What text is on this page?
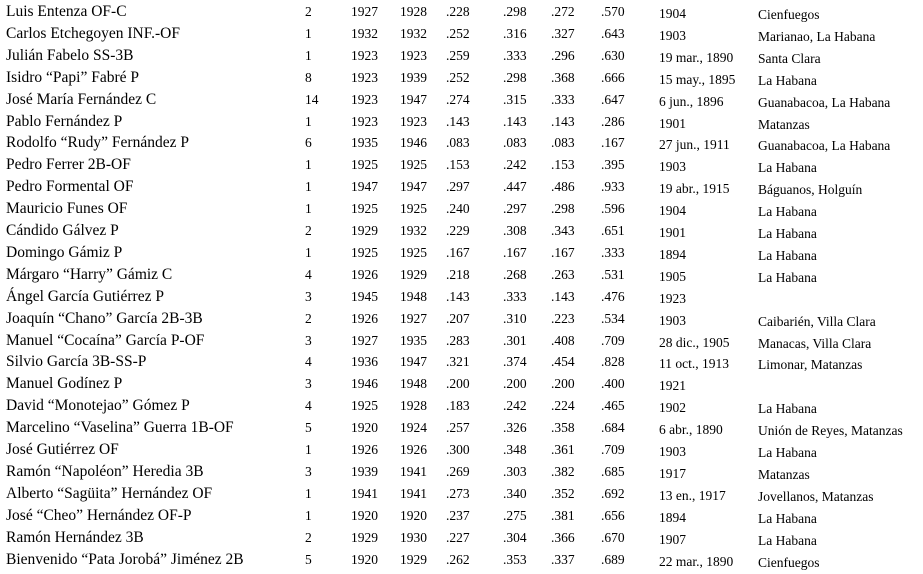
Luis Entenza OF-C	2	1927 1928 .228 .298 .272 .570	1904	Cienfuegos
Carlos Etchegoyen INF.-OF	1	1932 1932 .252 .316 .327 .643	1903	Marianao, La Habana
Julián Fabelo SS-3B	1	1923 1923 .259 .333 .296 .630	19 mar., 1890 Santa Clara
Isidro “Papi” Fabré P	8	1923 1939 .252 .298 .368 .666	15 may., 1895 La Habana
José María Fernández C	14 1923 1947 .274 .315 .333 .647	6 jun., 1896	Guanabacoa, La Habana
Pablo Fernández P	1	1923 1923 .143 .143 .143 .286	1901	Matanzas
Rodolfo “Rudy” Fernández P	6	1935 1946 .083 .083 .083 .167	27 jun., 1911 Guanabacoa, La Habana
Pedro Ferrer 2B-OF	1	1925 1925 .153 .242 .153 .395	1903	La Habana
Pedro Formental OF	1	1947 1947 .297 .447 .486 .933	19 abr., 1915 Báguanos, Holguín
Mauricio Funes OF	1	1925 1925 .240 .297 .298 .596	1904	La Habana
Cándido Gálvez P	2	1929 1932 .229 .308 .343 .651	1901	La Habana
Domingo Gámiz P	1	1925 1925 .167 .167 .167 .333	1894	La Habana
Márgaro “Harry” Gámiz C	4	1926 1929 .218 .268 .263 .531	1905	La Habana
Ángel García Gutiérrez P	3	1945 1948 .143 .333 .143 .476	1923
Joaquín “Chano” García 2B-3B	2	1926 1927 .207 .310 .223 .534	1903	Caibarién, Villa Clara
Manuel “Cocaína” García P-OF	3	1927 1935 .283 .301 .408 .709	28 dic., 1905 Manacas, Villa Clara
Silvio García 3B-SS-P	4	1936 1947 .321 .374 .454 .828	11 oct., 1913 Limonar, Matanzas
Manuel Godínez P	3	1946 1948 .200 .200 .200 .400	1921
David “Monotejao” Gómez P	4	1925 1928 .183 .242 .224 .465	1902	La Habana
Marcelino “Vaselina” Guerra 1B-OF	5	1920 1924 .257 .326 .358 .684	6 abr., 1890	Unión de Reyes, Matanzas
José Gutiérrez OF	1	1926 1926 .300 .348 .361 .709	1903	La Habana
Ramón “Napoléon” Heredia 3B	3	1939 1941 .269 .303 .382 .685	1917	Matanzas
Alberto “Sagüita” Hernández OF	1	1941 1941 .273 .340 .352 .692	13 en., 1917 Jovellanos, Matanzas
José “Cheo” Hernández OF-P	1	1920 1920 .237 .275 .381 .656	1894	La Habana
Ramón Hernández 3B	2	1929 1930 .227 .304 .366 .670	1907	La Habana
Bienvenido “Pata Jorobá” Jiménez 2B	5	1920 1929 .262 .353 .337 .689	22 mar., 1890 Cienfuegos
